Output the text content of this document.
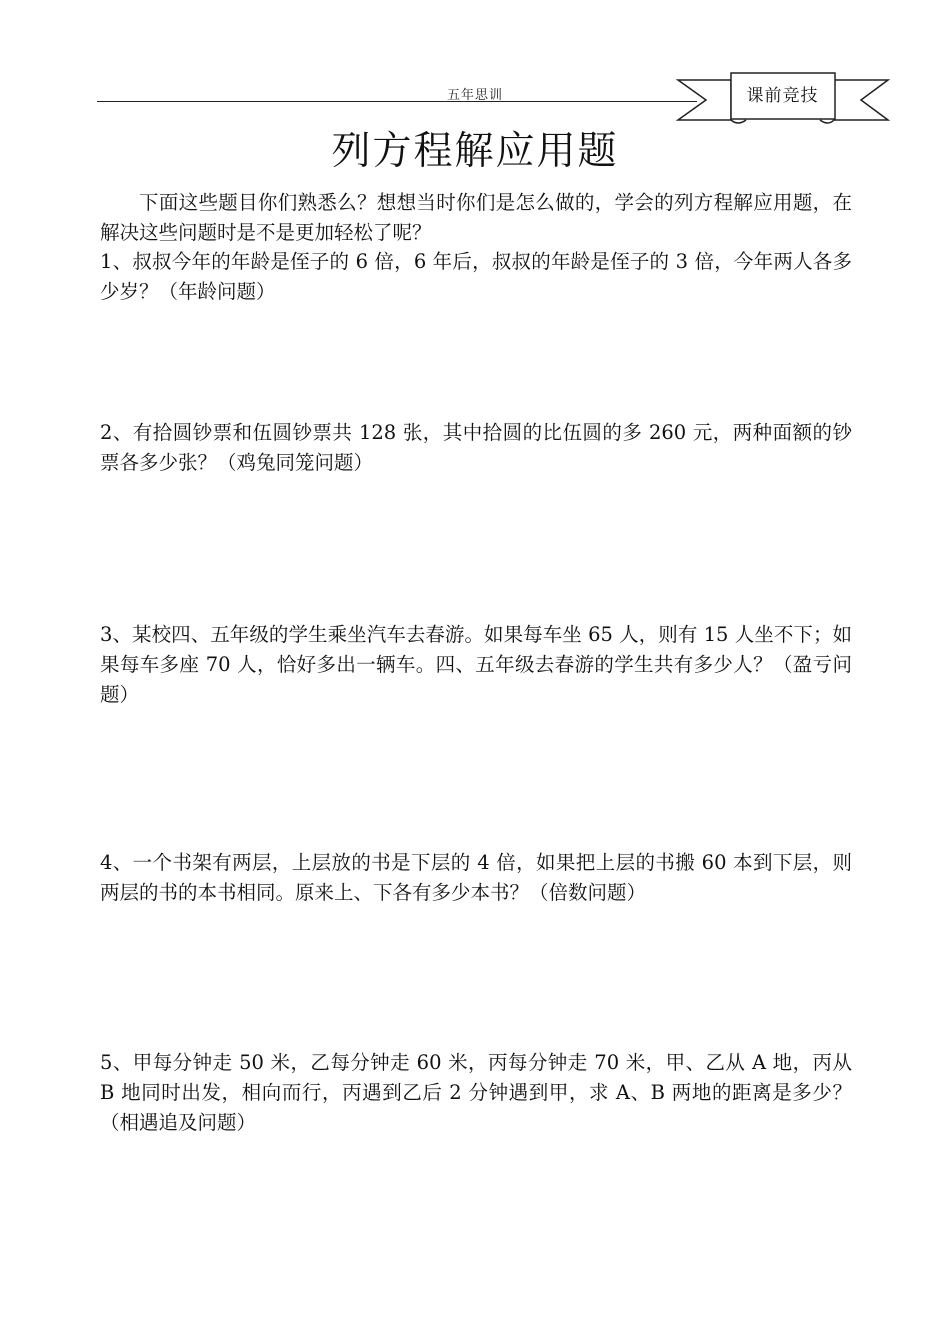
五年思训	课前竞技
列方程解应用题

下面这些题目你们熟悉么？想想当时你们是怎么做的，学会的列方程解应用题，在解决这些问题时是不是更加轻松了呢？

1、叔叔今年的年龄是侄子的 6 倍，6 年后，叔叔的年龄是侄子的 3 倍，今年两人各多少岁？（年龄问题）

2、有拾圆钞票和伍圆钞票共 128 张，其中拾圆的比伍圆的多 260 元，两种面额的钞票各多少张？（鸡兔同笼问题）

3、某校四、五年级的学生乘坐汽车去春游。如果每车坐 65 人，则有 15 人坐不下；如果每车多座 70 人，恰好多出一辆车。四、五年级去春游的学生共有多少人？（盈亏问题）

4、一个书架有两层，上层放的书是下层的 4 倍，如果把上层的书搬 60 本到下层，则两层的书的本书相同。原来上、下各有多少本书？（倍数问题）

5、甲每分钟走 50 米，乙每分钟走 60 米，丙每分钟走 70 米，甲、乙从 A 地，丙从 B 地同时出发，相向而行，丙遇到乙后 2 分钟遇到甲，求 A、B 两地的距离是多少？（相遇追及问题）
